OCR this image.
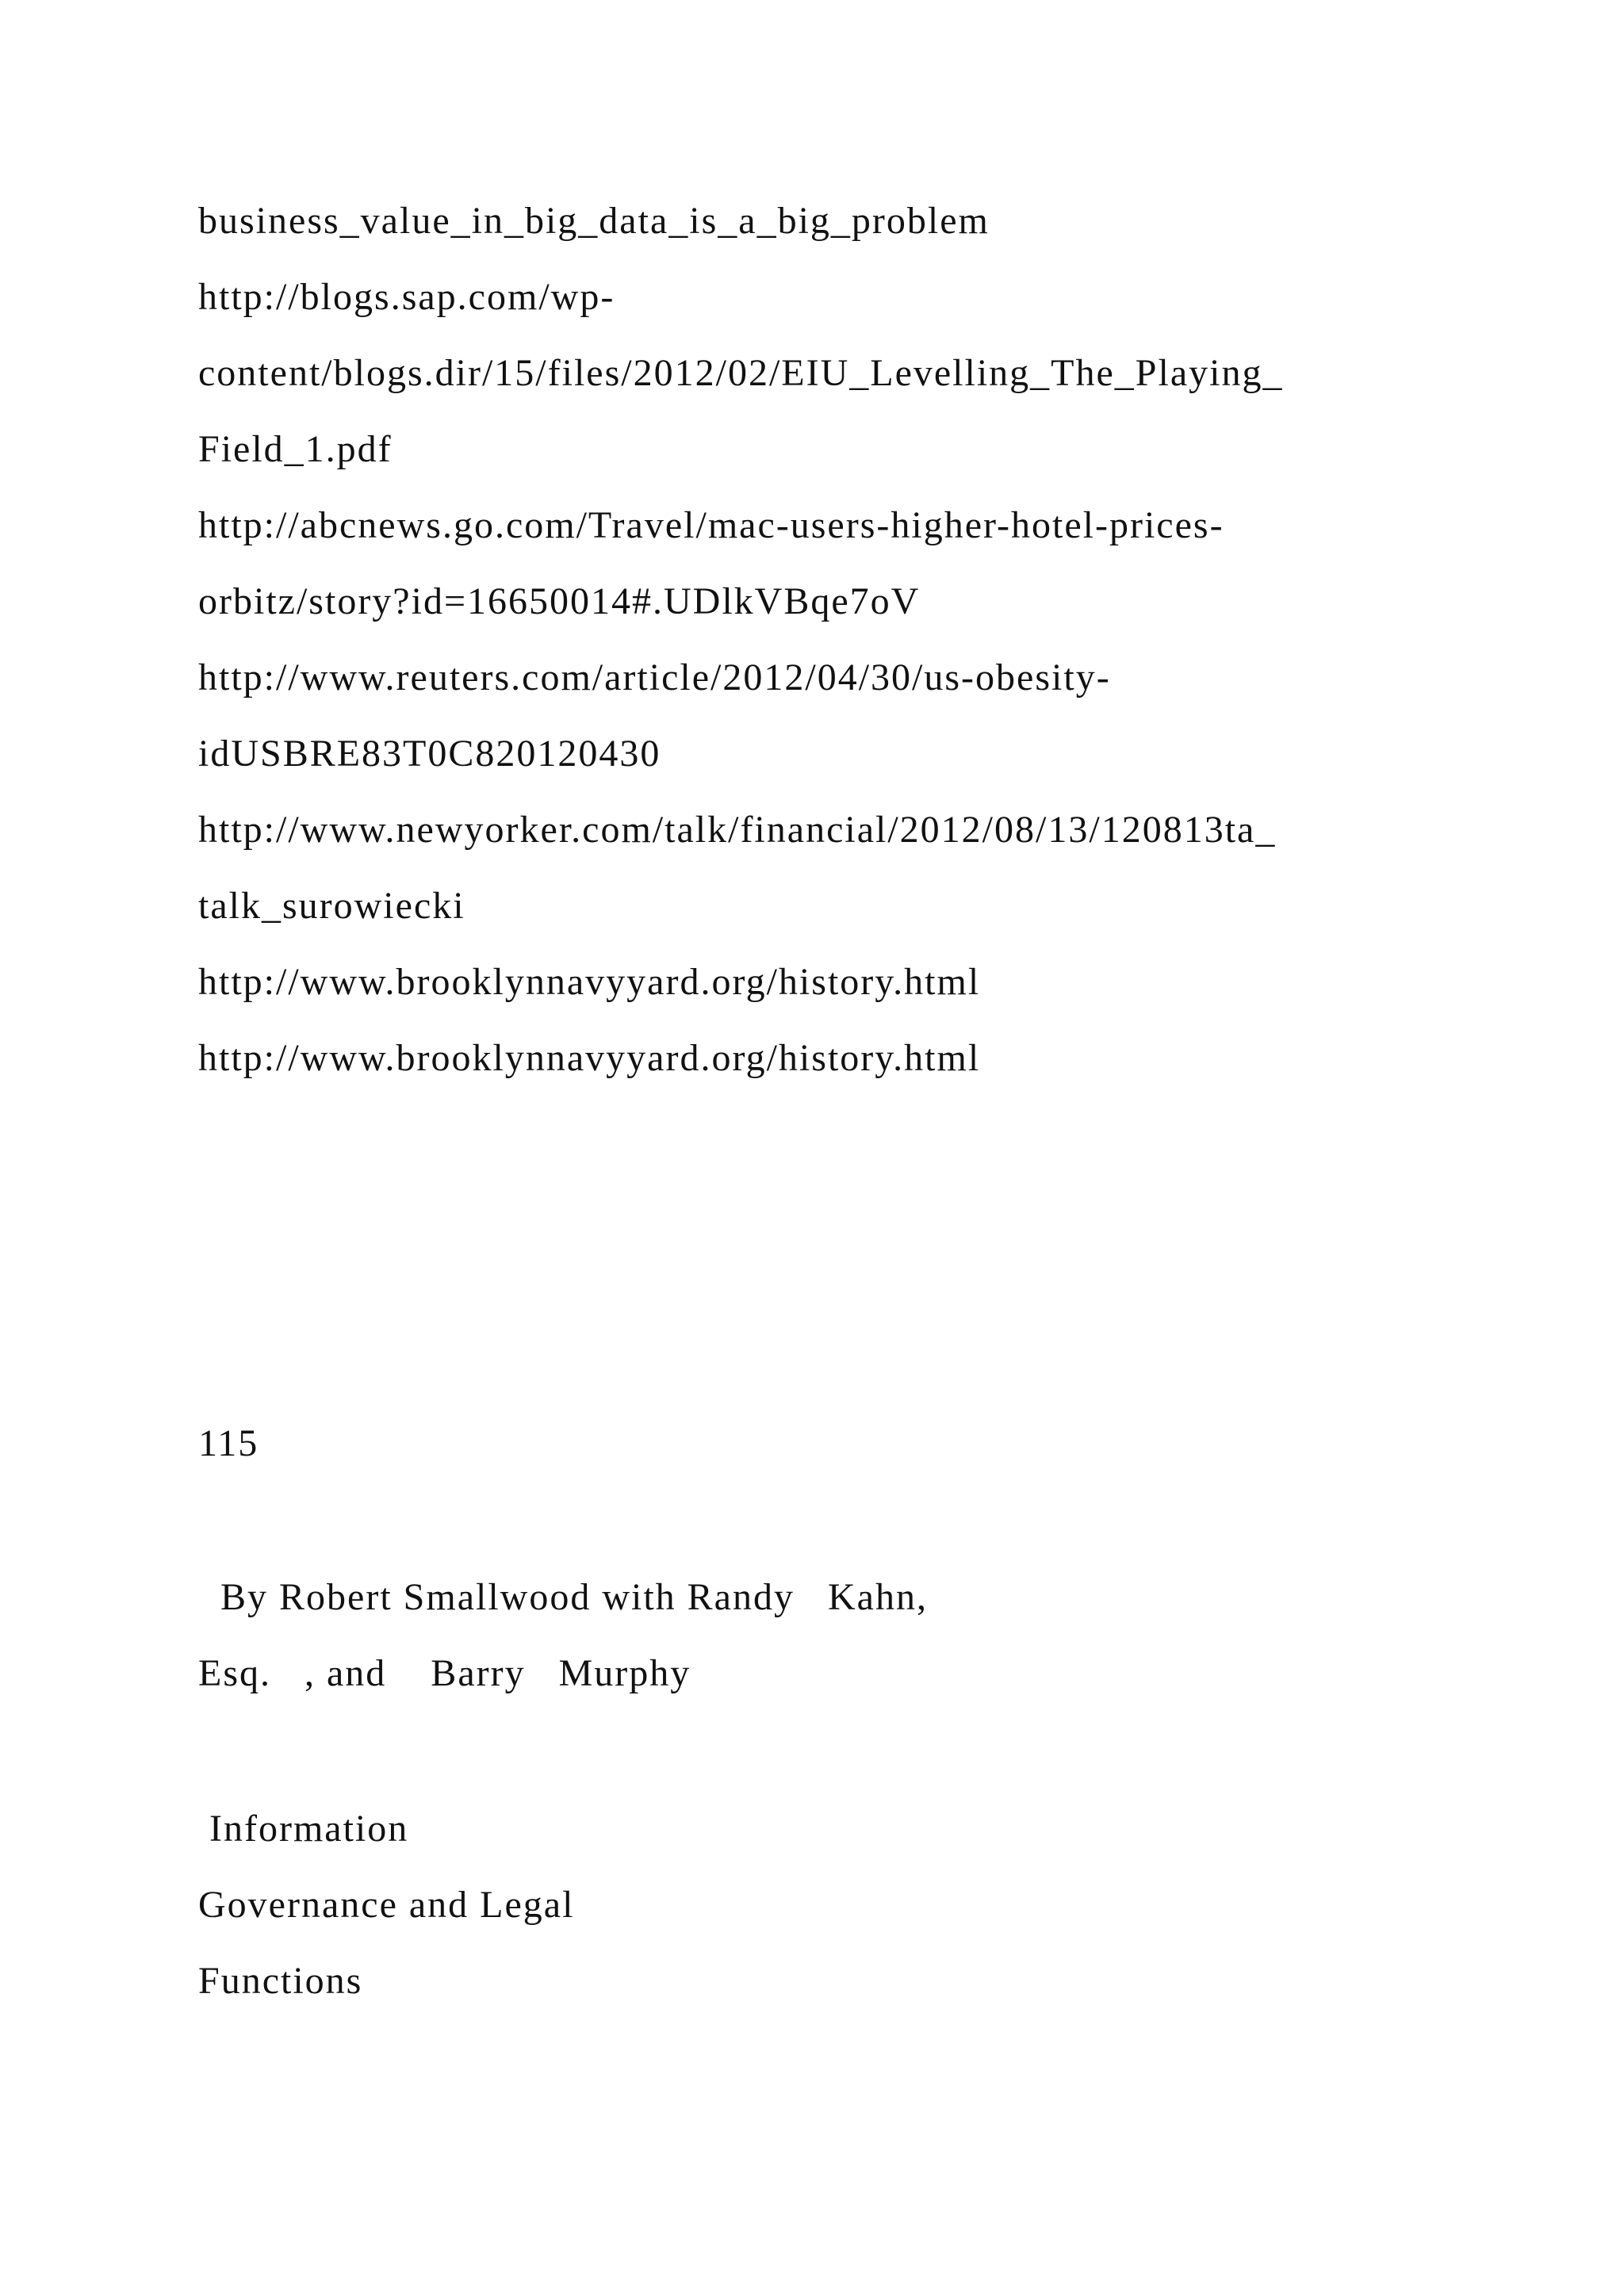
business_value_in_big_data_is_a_big_problem
http://blogs.sap.com/wp-
content/blogs.dir/15/files/2012/02/EIU_Levelling_The_Playing_
Field_1.pdf
http://abcnews.go.com/Travel/mac-users-higher-hotel-prices-
orbitz/story?id=16650014#.UDlkVBqe7oV
http://www.reuters.com/article/2012/04/30/us-obesity-
idUSBRE83T0C820120430
http://www.newyorker.com/talk/financial/2012/08/13/120813ta_
talk_surowiecki
http://www.brooklynnavyyard.org/history.html
http://www.brooklynnavyyard.org/history.html
115
By Robert Smallwood with Randy   Kahn,
Esq.   , and    Barry   Murphy
Information
Governance and Legal
Functions
